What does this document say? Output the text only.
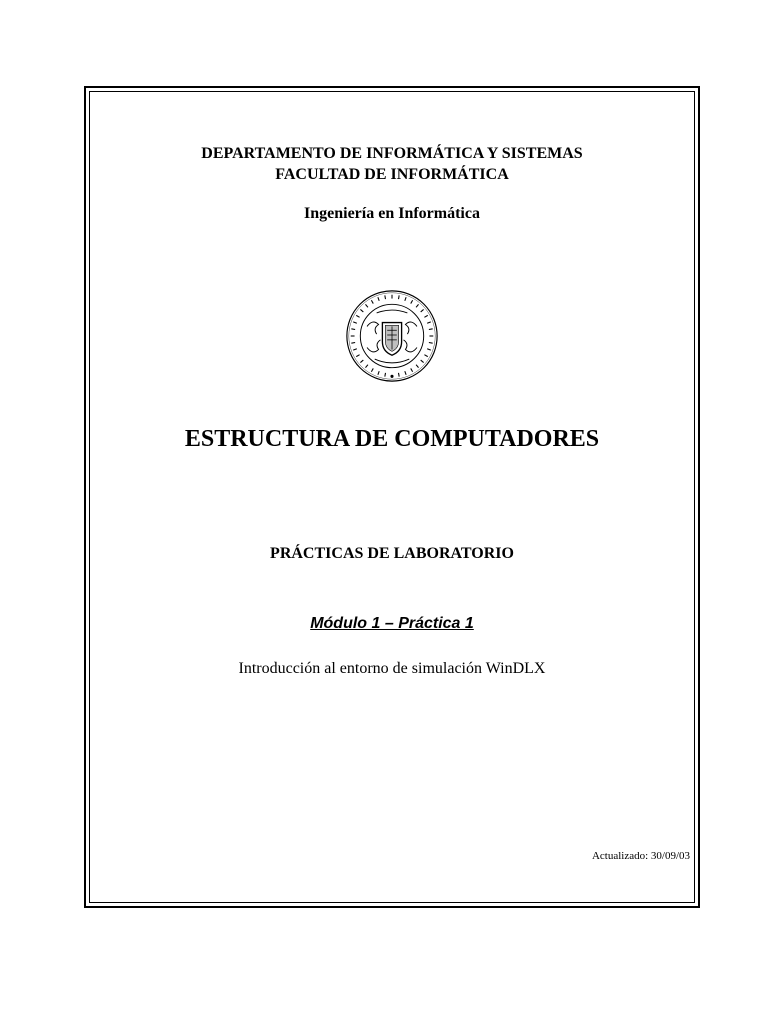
DEPARTAMENTO DE INFORMÁTICA Y SISTEMAS
FACULTAD DE INFORMÁTICA
Ingeniería en Informática
ESTRUCTURA DE COMPUTADORES
PRÁCTICAS DE LABORATORIO
Módulo 1 – Práctica 1
Introducción al entorno de simulación WinDLX
Actualizado: 30/09/03
